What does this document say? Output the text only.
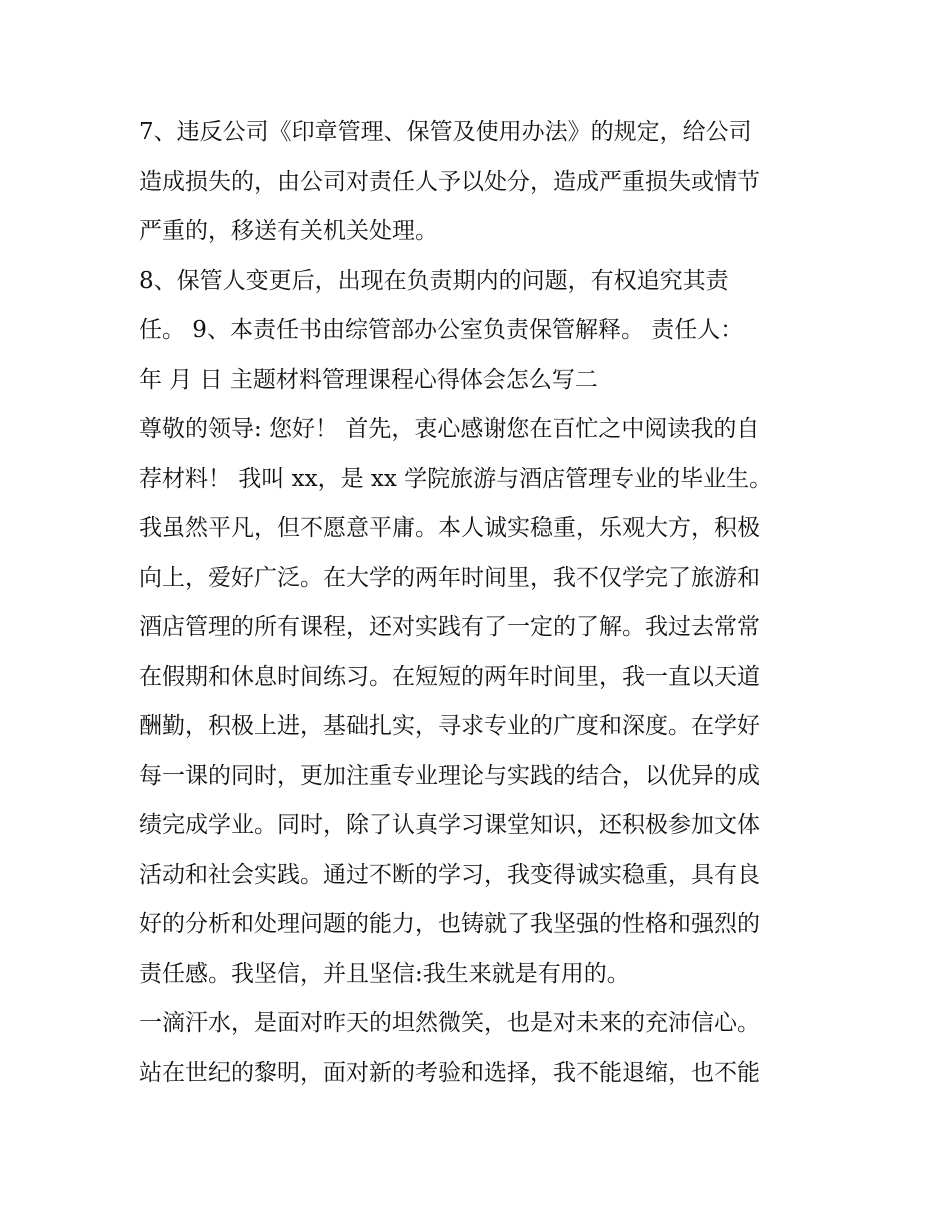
7、违反公司《印章管理、保管及使用办法》的规定，给公司
造成损失的，由公司对责任人予以处分，造成严重损失或情节
严重的，移送有关机关处理。
8、保管人变更后，出现在负责期内的问题，有权追究其责
任。 9、本责任书由综管部办公室负责保管解释。 责任人：
年 月 日 主题材料管理课程心得体会怎么写二
尊敬的领导: 您好！ 首先，衷心感谢您在百忙之中阅读我的自
荐材料！ 我叫 xx，是 xx 学院旅游与酒店管理专业的毕业生。
我虽然平凡，但不愿意平庸。本人诚实稳重，乐观大方，积极
向上，爱好广泛。在大学的两年时间里，我不仅学完了旅游和
酒店管理的所有课程，还对实践有了一定的了解。我过去常常
在假期和休息时间练习。在短短的两年时间里，我一直以天道
酬勤，积极上进，基础扎实，寻求专业的广度和深度。在学好
每一课的同时，更加注重专业理论与实践的结合，以优异的成
绩完成学业。同时，除了认真学习课堂知识，还积极参加文体
活动和社会实践。通过不断的学习，我变得诚实稳重，具有良
好的分析和处理问题的能力，也铸就了我坚强的性格和强烈的
责任感。我坚信，并且坚信:我生来就是有用的。
一滴汗水，是面对昨天的坦然微笑，也是对未来的充沛信心。
站在世纪的黎明，面对新的考验和选择，我不能退缩，也不能
